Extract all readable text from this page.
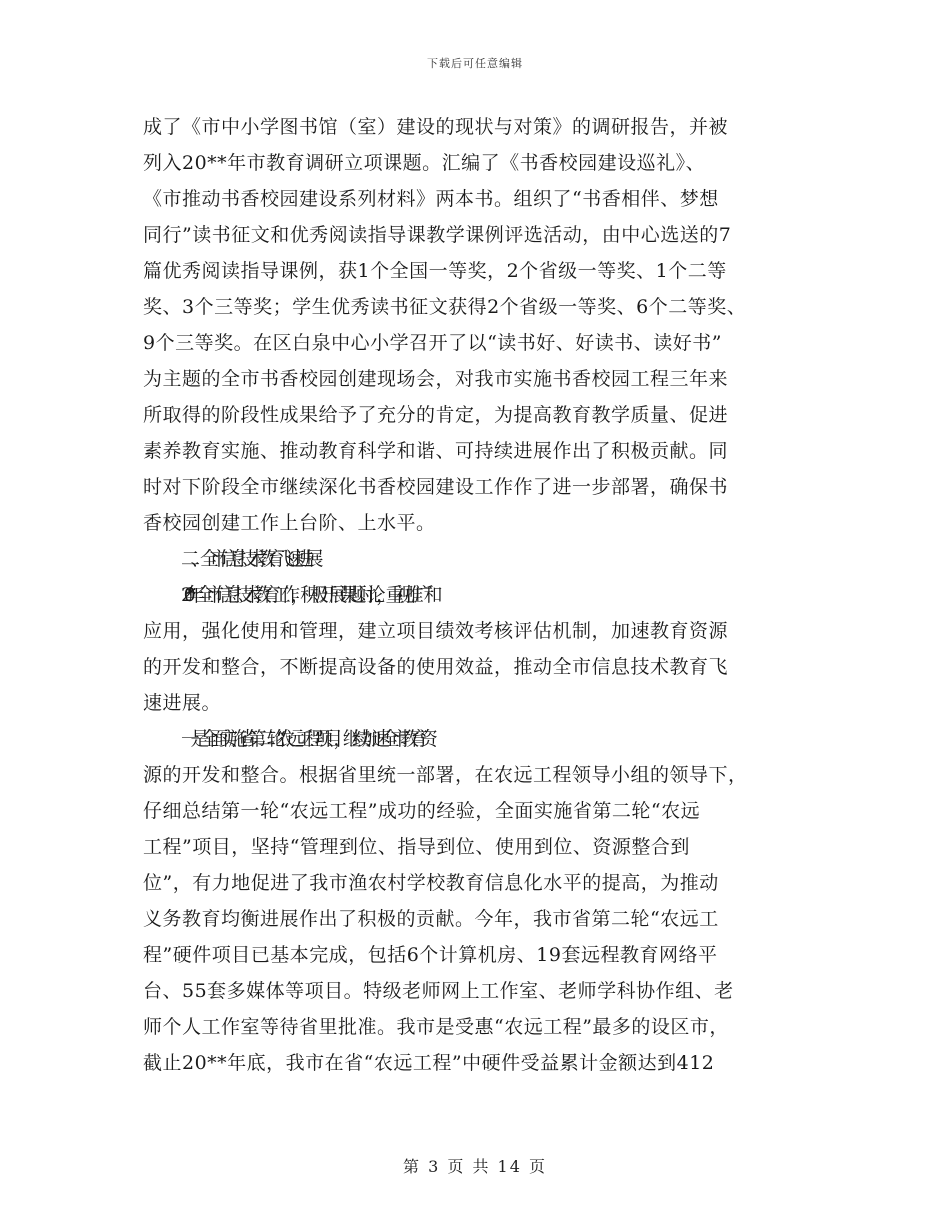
下载后可任意编辑
成了《市中小学图书馆（室）建设的现状与对策》的调研报告，并被
列入20**年市教育调研立项课题。汇编了《书香校园建设巡礼》、
《市推动书香校园建设系列材料》两本书。组织了“书香相伴、梦想
同行”读书征文和优秀阅读指导课教学课例评选活动，由中心选送的7
篇优秀阅读指导课例，获1个全国一等奖，2个省级一等奖、1个二等
奖、3个三等奖；学生优秀读书征文获得2个省级一等奖、6个二等奖、
9个三等奖。在区白泉中心小学召开了以“读书好、好读书、读好书”
为主题的全市书香校园创建现场会，对我市实施书香校园工程三年来
所取得的阶段性成果给予了充分的肯定，为提高教育教学质量、促进
素养教育实施、推动教育科学和谐、可持续进展作出了积极贡献。同
时对下阶段全市继续深化书香校园建设工作作了进一步部署，确保书
香校园创建工作上台阶、上水平。
二、全市信息技术教育飞速进展
20**年全市信息技术教育工作，积极开展课题讨论，重视推广和
应用，强化使用和管理，建立项目绩效考核评估机制，加速教育资源
的开发和整合，不断提高设备的使用效益，推动全市信息技术教育飞
速进展。
一是全面实施省第二轮“农远工程”项目，继续加速全市教育资
源的开发和整合。根据省里统一部署，在农远工程领导小组的领导下，
仔细总结第一轮“农远工程”成功的经验，全面实施省第二轮“农远
工程”项目，坚持“管理到位、指导到位、使用到位、资源整合到
位”，有力地促进了我市渔农村学校教育信息化水平的提高，为推动
义务教育均衡进展作出了积极的贡献。今年，我市省第二轮“农远工
程”硬件项目已基本完成，包括6个计算机房、19套远程教育网络平
台、55套多媒体等项目。特级老师网上工作室、老师学科协作组、老
师个人工作室等待省里批准。我市是受惠“农远工程”最多的设区市，
截止20**年底，我市在省“农远工程”中硬件受益累计金额达到412
第 3 页 共 14 页
